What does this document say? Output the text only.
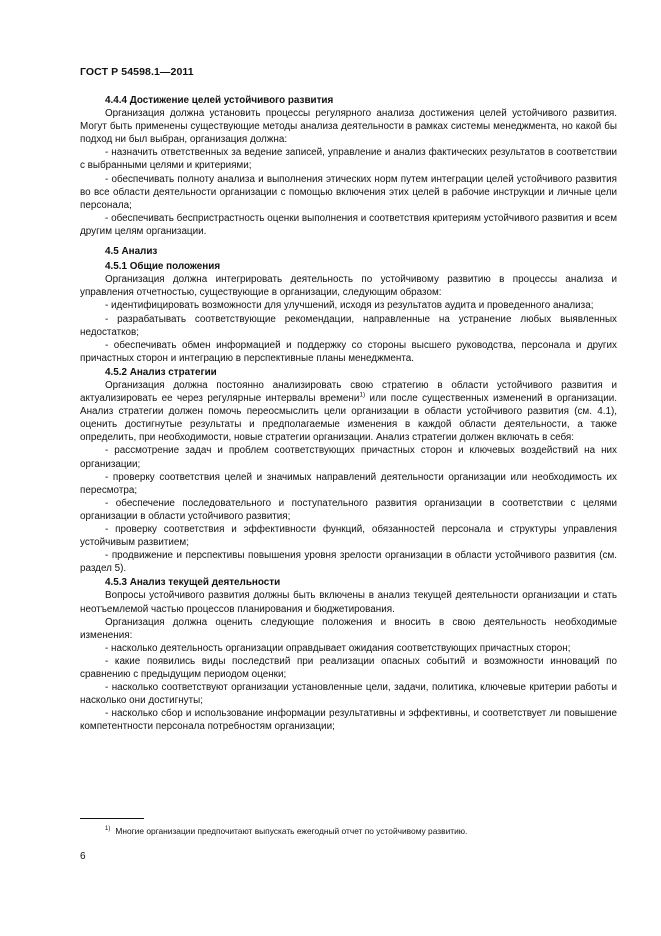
ГОСТ Р 54598.1—2011
4.4.4 Достижение целей устойчивого развития

Организация должна установить процессы регулярного анализа достижения целей устойчивого развития. Могут быть применены существующие методы анализа деятельности в рамках системы менеджмента, но какой бы подход ни был выбран, организация должна:

- назначить ответственных за ведение записей, управление и анализ фактических результатов в соответствии с выбранными целями и критериями;

- обеспечивать полноту анализа и выполнения этических норм путем интеграции целей устойчивого развития во все области деятельности организации с помощью включения этих целей в рабочие инструкции и личные цели персонала;

- обеспечивать беспристрастность оценки выполнения и соответствия критериям устойчивого развития и всем другим целям организации.

4.5 Анализ
4.5.1 Общие положения

Организация должна интегрировать деятельность по устойчивому развитию в процессы анализа и управления отчетностью, существующие в организации, следующим образом:

- идентифицировать возможности для улучшений, исходя из результатов аудита и проведенного анализа;

- разрабатывать соответствующие рекомендации, направленные на устранение любых выявленных недостатков;

- обеспечивать обмен информацией и поддержку со стороны высшего руководства, персонала и других причастных сторон и интеграцию в перспективные планы менеджмента.

4.5.2 Анализ стратегии

Организация должна постоянно анализировать свою стратегию в области устойчивого развития и актуализировать ее через регулярные интервалы времени$^{1)}$ или после существенных изменений в организации. Анализ стратегии должен помочь переосмыслить цели организации в области устойчивого развития (см. 4.1), оценить достигнутые результаты и предполагаемые изменения в каждой области деятельности, а также определить, при необходимости, новые стратегии организации. Анализ стратегии должен включать в себя:

- рассмотрение задач и проблем соответствующих причастных сторон и ключевых воздействий на них организации;

- проверку соответствия целей и значимых направлений деятельности организации или необходимость их пересмотра;

- обеспечение последовательного и поступательного развития организации в соответствии с целями организации в области устойчивого развития;

- проверку соответствия и эффективности функций, обязанностей персонала и структуры управления устойчивым развитием;

- продвижение и перспективы повышения уровня зрелости организации в области устойчивого развития (см. раздел 5).

4.5.3 Анализ текущей деятельности

Вопросы устойчивого развития должны быть включены в анализ текущей деятельности организации и стать неотъемлемой частью процессов планирования и бюджетирования.

Организация должна оценить следующие положения и вносить в свою деятельность необходимые изменения:

- насколько деятельность организации оправдывает ожидания соответствующих причастных сторон;

- какие появились виды последствий при реализации опасных событий и возможности инноваций по сравнению с предыдущим периодом оценки;

- насколько соответствуют организации установленные цели, задачи, политика, ключевые критерии работы и насколько они достигнуты;

- насколько сбор и использование информации результативны и эффективны, и соответствует ли повышение компетентности персонала потребностям организации;

$^{1)}$ Многие организации предпочитают выпускать ежегодный отчет по устойчивому развитию.
6
